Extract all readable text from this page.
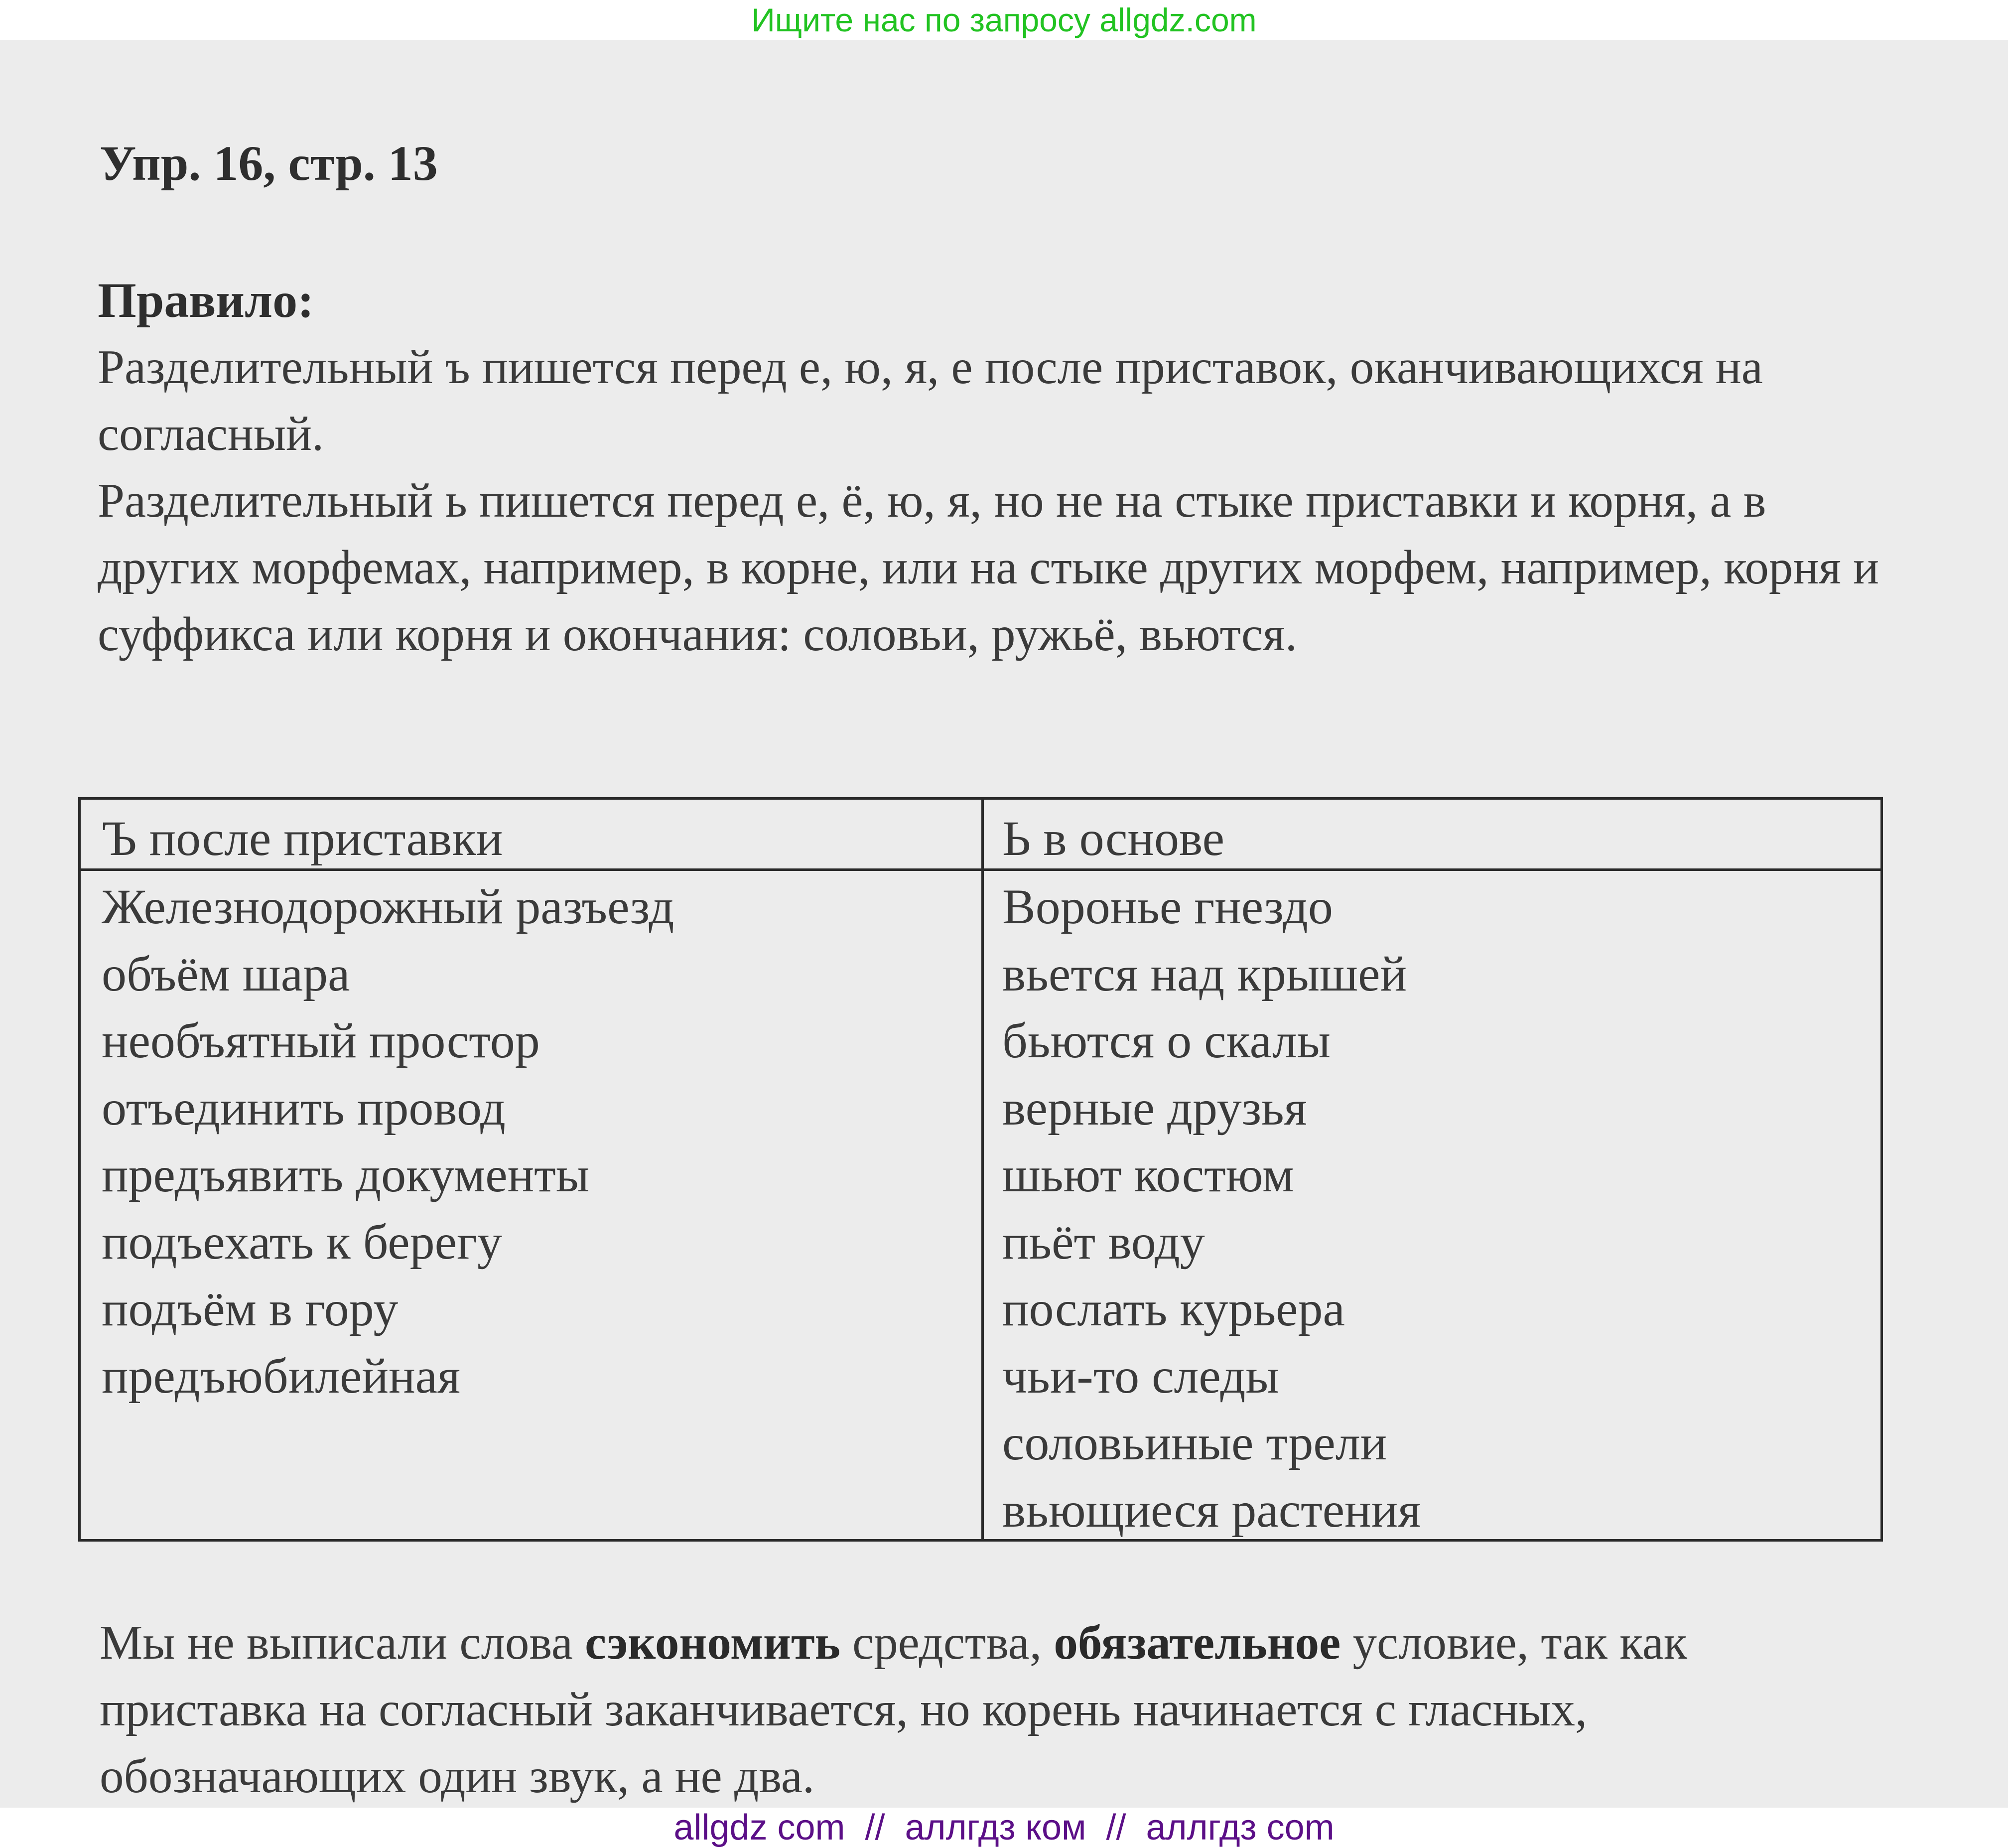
Ищите нас по запросу allgdz.com
Упр. 16, стр. 13
Правило:

Разделительный ъ пишется перед е, ю, я, е после приставок, оканчивающихся на согласный.

Разделительный ь пишется перед е, ё, ю, я, но не на стыке приставки и корня, а в других морфемах, например, в корне, или на стыке других морфем, например, корня и суффикса или корня и окончания: соловьи, ружьё, вьются.

Ъ после приставки	Ь в основе
Железнодорожный разъезд
объём шара
необъятный простор
отъединить провод
предъявить документы
подъехать к берегу
подъём в гору
предъюбилейная
Воронье гнездо
вьется над крышей
бьются о скалы
верные друзья
шьют костюм
пьёт воду
послать курьера
чьи-то следы
соловьиные трели
вьющиеся растения
Мы не выписали слова сэкономить средства, обязательное условие, так как приставка на согласный заканчивается, но корень начинается с гласных, обозначающих один звук, а не два.
allgdz com  //  аллгдз ком  //  аллгдз com
